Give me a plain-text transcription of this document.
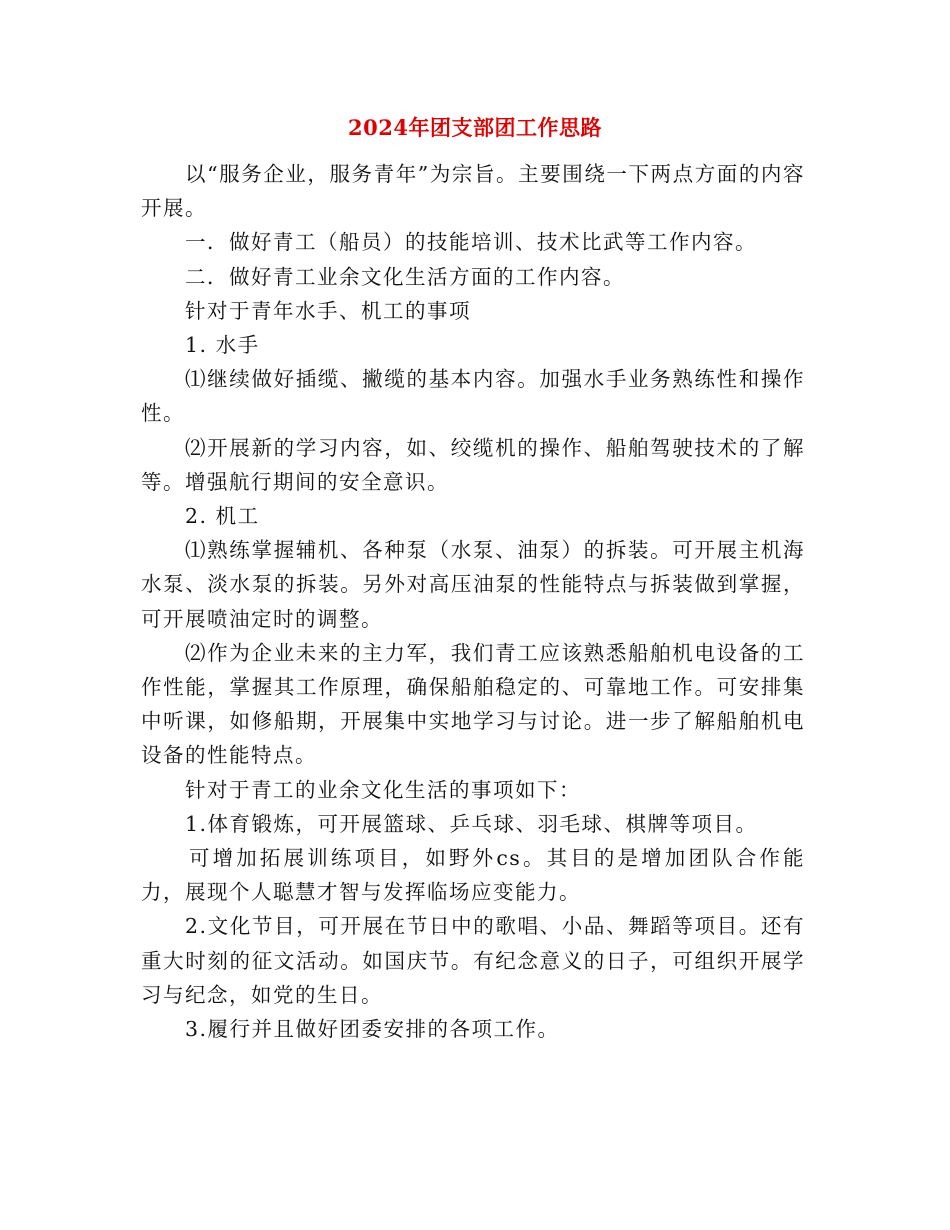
2024年团支部团工作思路

以“服务企业，服务青年”为宗旨。主要围绕一下两点方面的内容开展。

一．做好青工（船员）的技能培训、技术比武等工作内容。

二．做好青工业余文化生活方面的工作内容。

针对于青年水手、机工的事项

1. 水手

⑴继续做好插缆、撇缆的基本内容。加强水手业务熟练性和操作性。

⑵开展新的学习内容，如、绞缆机的操作、船舶驾驶技术的了解等。增强航行期间的安全意识。

2. 机工

⑴熟练掌握辅机、各种泵（水泵、油泵）的拆装。可开展主机海水泵、淡水泵的拆装。另外对高压油泵的性能特点与拆装做到掌握，可开展喷油定时的调整。

⑵作为企业未来的主力军，我们青工应该熟悉船舶机电设备的工作性能，掌握其工作原理，确保船舶稳定的、可靠地工作。可安排集中听课，如修船期，开展集中实地学习与讨论。进一步了解船舶机电设备的性能特点。

针对于青工的业余文化生活的事项如下：

1.体育锻炼，可开展篮球、乒乓球、羽毛球、棋牌等项目。

可增加拓展训练项目，如野外cs。其目的是增加团队合作能力，展现个人聪慧才智与发挥临场应变能力。

2.文化节目，可开展在节日中的歌唱、小品、舞蹈等项目。还有重大时刻的征文活动。如国庆节。有纪念意义的日子，可组织开展学习与纪念，如党的生日。

3.履行并且做好团委安排的各项工作。
